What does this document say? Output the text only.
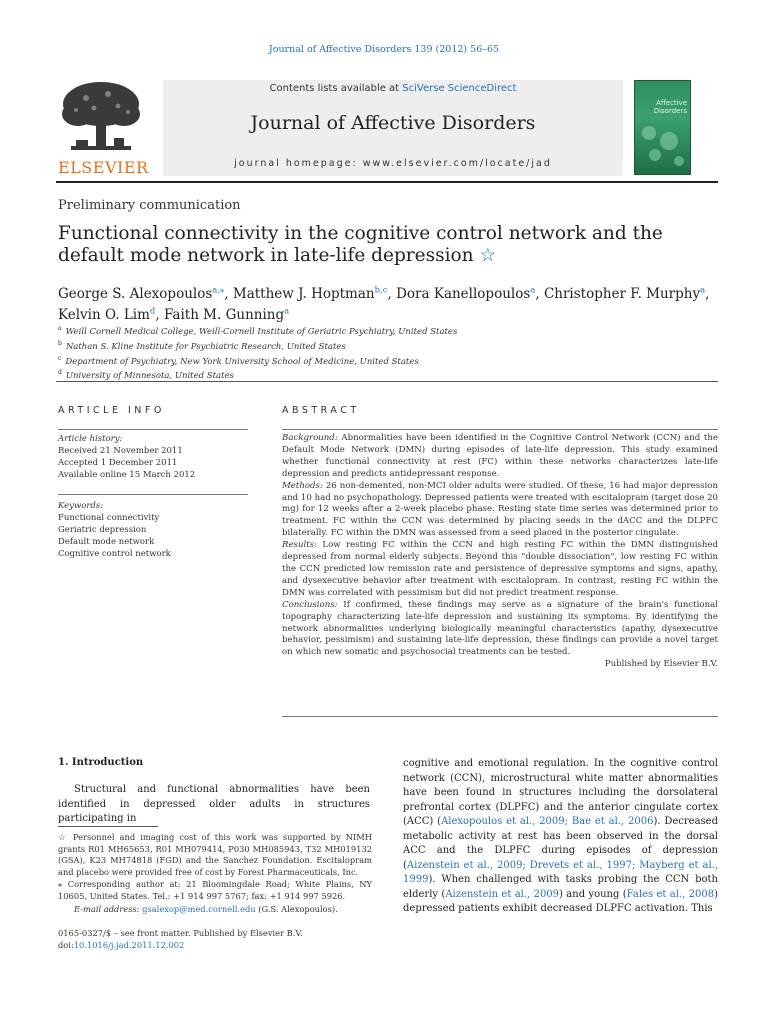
Journal of Affective Disorders 139 (2012) 56–65
ELSEVIER
Contents lists available at SciVerse ScienceDirect
Journal of Affective Disorders
journal homepage: www.elsevier.com/locate/jad
Affective Disorders
Preliminary communication
Functional connectivity in the cognitive control network and the default mode network in late-life depression ☆
George S. Alexopoulos$^{a,⁎}$, Matthew J. Hoptman$^{b,c}$, Dora Kanellopoulos$^a$, Christopher F. Murphy$^a$,
Kelvin O. Lim$^d$, Faith M. Gunning$^a$
$^a$ Weill Cornell Medical College, Weill-Cornell Institute of Geriatric Psychiatry, United States
$^b$ Nathan S. Kline Institute for Psychiatric Research, United States
$^c$ Department of Psychiatry, New York University School of Medicine, United States
$^d$ University of Minnesota, United States
ARTICLE INFO
Article history:
Received 21 November 2011
Accepted 1 December 2011
Available online 15 March 2012
Keywords:
Functional connectivity
Geriatric depression
Default mode network
Cognitive control network
ABSTRACT

Background: Abnormalities have been identified in the Cognitive Control Network (CCN) and the Default Mode Network (DMN) during episodes of late-life depression. This study examined whether functional connectivity at rest (FC) within these networks characterizes late-life depression and predicts antidepressant response.

Methods: 26 non-demented, non-MCI older adults were studied. Of these, 16 had major depression and 10 had no psychopathology. Depressed patients were treated with escitalopram (target dose 20 mg) for 12 weeks after a 2-week placebo phase. Resting state time series was determined prior to treatment. FC within the CCN was determined by placing seeds in the dACC and the DLPFC bilaterally. FC within the DMN was assessed from a seed placed in the posterior cingulate.

Results: Low resting FC within the CCN and high resting FC within the DMN distinguished depressed from normal elderly subjects. Beyond this "double dissociation", low resting FC within the CCN predicted low remission rate and persistence of depressive symptoms and signs, apathy, and dysexecutive behavior after treatment with escitalopram. In contrast, resting FC within the DMN was correlated with pessimism but did not predict treatment response.

Conclusions: If confirmed, these findings may serve as a signature of the brain's functional topography characterizing late-life depression and sustaining its symptoms. By identifying the network abnormalities underlying biologically meaningful characteristics (apathy, dysexecutive behavior, pessimism) and sustaining late-life depression, these findings can provide a novel target on which new somatic and psychosocial treatments can be tested.

Published by Elsevier B.V.

1. Introduction
Structural and functional abnormalities have been identified in depressed older adults in structures participating in

☆ Personnel and imaging cost of this work was supported by NIMH grants R01 MH65653, R01 MH079414, P030 MH085943, T32 MH019132 (GSA), K23 MH74818 (FGD) and the Sanchez Foundation. Escitalopram and placebo were provided free of cost by Forest Pharmaceuticals, Inc.

⁎ Corresponding author at: 21 Bloomingdale Road; White Plains, NY 10605, United States. Tel.: +1 914 997 5767; fax: +1 914 997 5926.

E-mail address: gsalexop@med.cornell.edu (G.S. Alexopoulos).

0165-0327/$ – see front matter. Published by Elsevier B.V.
doi:10.1016/j.jad.2011.12.002
cognitive and emotional regulation. In the cognitive control network (CCN), microstructural white matter abnormalities have been found in structures including the dorsolateral prefrontal cortex (DLPFC) and the anterior cingulate cortex (ACC) (Alexopoulos et al., 2009; Bae et al., 2006). Decreased metabolic activity at rest has been observed in the dorsal ACC and the DLPFC during episodes of depression (Aizenstein et al., 2009; Drevets et al., 1997; Mayberg et al., 1999). When challenged with tasks probing the CCN both elderly (Aizenstein et al., 2009) and young (Fales et al., 2008) depressed patients exhibit decreased DLPFC activation. This
